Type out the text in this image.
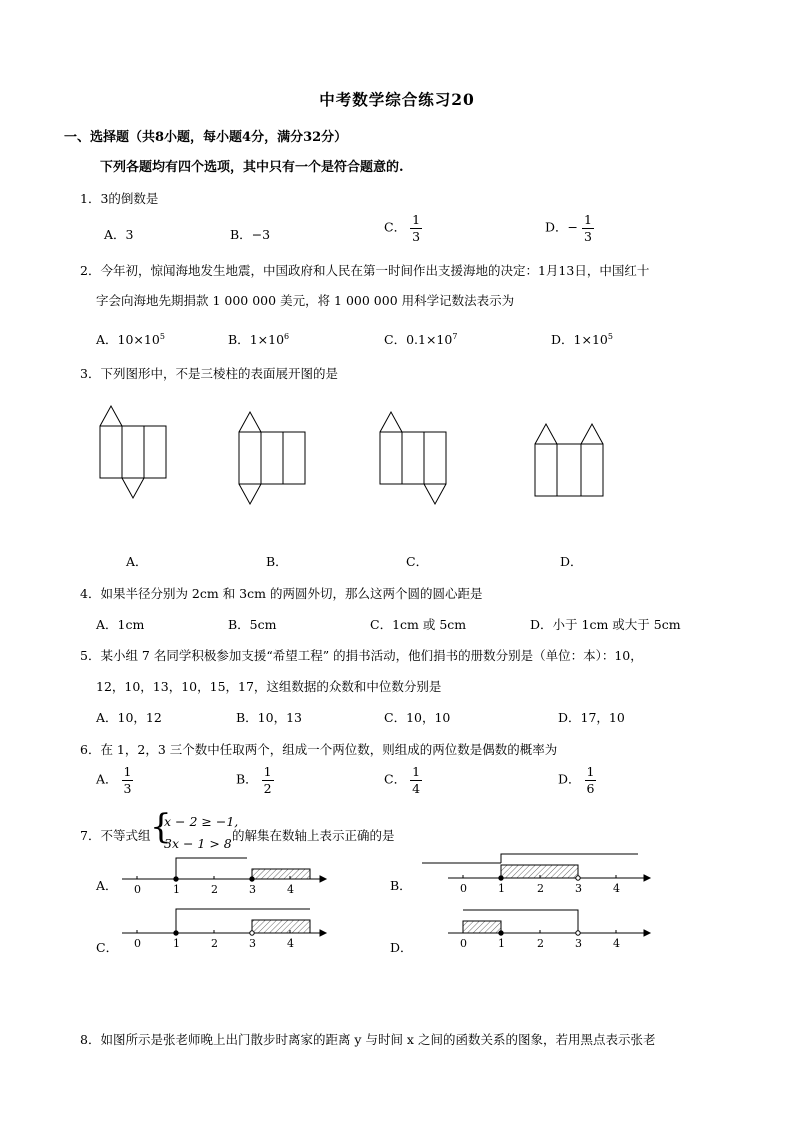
中考数学综合练习20
一、选择题（共8小题，每小题4分，满分32分）
下列各题均有四个选项，其中只有一个是符合题意的.
1．3的倒数是
A．3	B．−3	C． $\frac{1}{3}$	D．− $\frac{1}{3}$
2．今年初，惊闻海地发生地震，中国政府和人民在第一时间作出支援海地的决定：1月13日，中国红十
字会向海地先期捐款 1 000 000 美元，将 1 000 000 用科学记数法表示为
A．$10\times 10^5$	B．$1\times 10^6$	C．$0.1\times 10^7$	D．$1\times 10^5$
3．下列图形中，不是三棱柱的表面展开图的是
A．	B．	C．	D．
4．如果半径分别为 2cm 和 3cm 的两圆外切，那么这两个圆的圆心距是
A．1cm	B．5cm	C．1cm 或 5cm	D．小于 1cm 或大于 5cm
5．某小组 7 名同学积极参加支援“希望工程” 的捐书活动，他们捐书的册数分别是（单位：本）：10，
12，10，13，10，15，17，这组数据的众数和中位数分别是
A．10，12	B．10，13	C．10，10	D．17，10
6．在 1，2，3 三个数中任取两个，组成一个两位数，则组成的两位数是偶数的概率为
A． $\frac{1}{3}$	B． $\frac{1}{2}$	C． $\frac{1}{4}$	D． $\frac{1}{6}$
7．不等式组 {
x − 2 ≥ −1,
3x − 1 > 8
的解集在数轴上表示正确的是
A．	B．
C．	D．
0	1	2	3	4	0	1	2	3	4
0	1	2	3	4	0	1	2	3	4
8．如图所示是张老师晚上出门散步时离家的距离 y 与时间 x 之间的函数关系的图象，若用黑点表示张老
